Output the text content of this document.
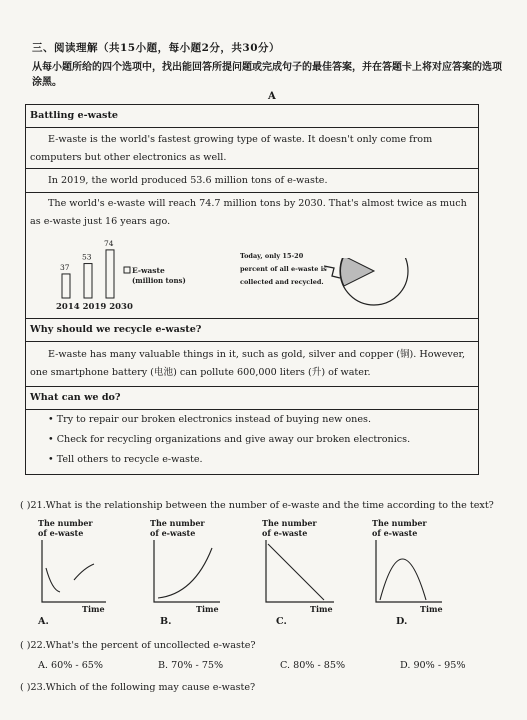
三、阅读理解（共15小题，每小题2分，共30分）
从每小题所给的四个选项中，找出能回答所提问题或完成句子的最佳答案，并在答题卡上将对应答案的选项涂黑。
A
Battling e-waste
E-waste is the world's fastest growing type of waste. It doesn't only come from computers but other electronics as well.
In 2019, the world produced 53.6 million tons of e-waste.
The world's e-waste will reach 74.7 million tons by 2030. That's almost twice as much as e-waste just 16 years ago.
37
53
74
E-waste
(million tons)
2014 2019 2030
Today, only 15-20 percent of all e-waste is collected and recycled.
Why should we recycle e-waste?
E-waste has many valuable things in it, such as gold, silver and copper (铜). However, one smartphone battery (电池) can pollute 600,000 liters (升) of water.
What can we do?
• Try to repair our broken electronics instead of buying new ones.
• Check for recycling organizations and give away our broken electronics.
• Tell others to recycle e-waste.
( )21.What is the relationship between the number of e-waste and the time according to the text?
The number
of e-waste
Time
A.
The number
of e-waste
Time
B.
The number
of e-waste
Time
C.
The number
of e-waste
Time
D.
( )22.What's the percent of uncollected e-waste?
A. 60% - 65%	B. 70% - 75%	C. 80% - 85%	D. 90% - 95%
( )23.Which of the following may cause e-waste?
